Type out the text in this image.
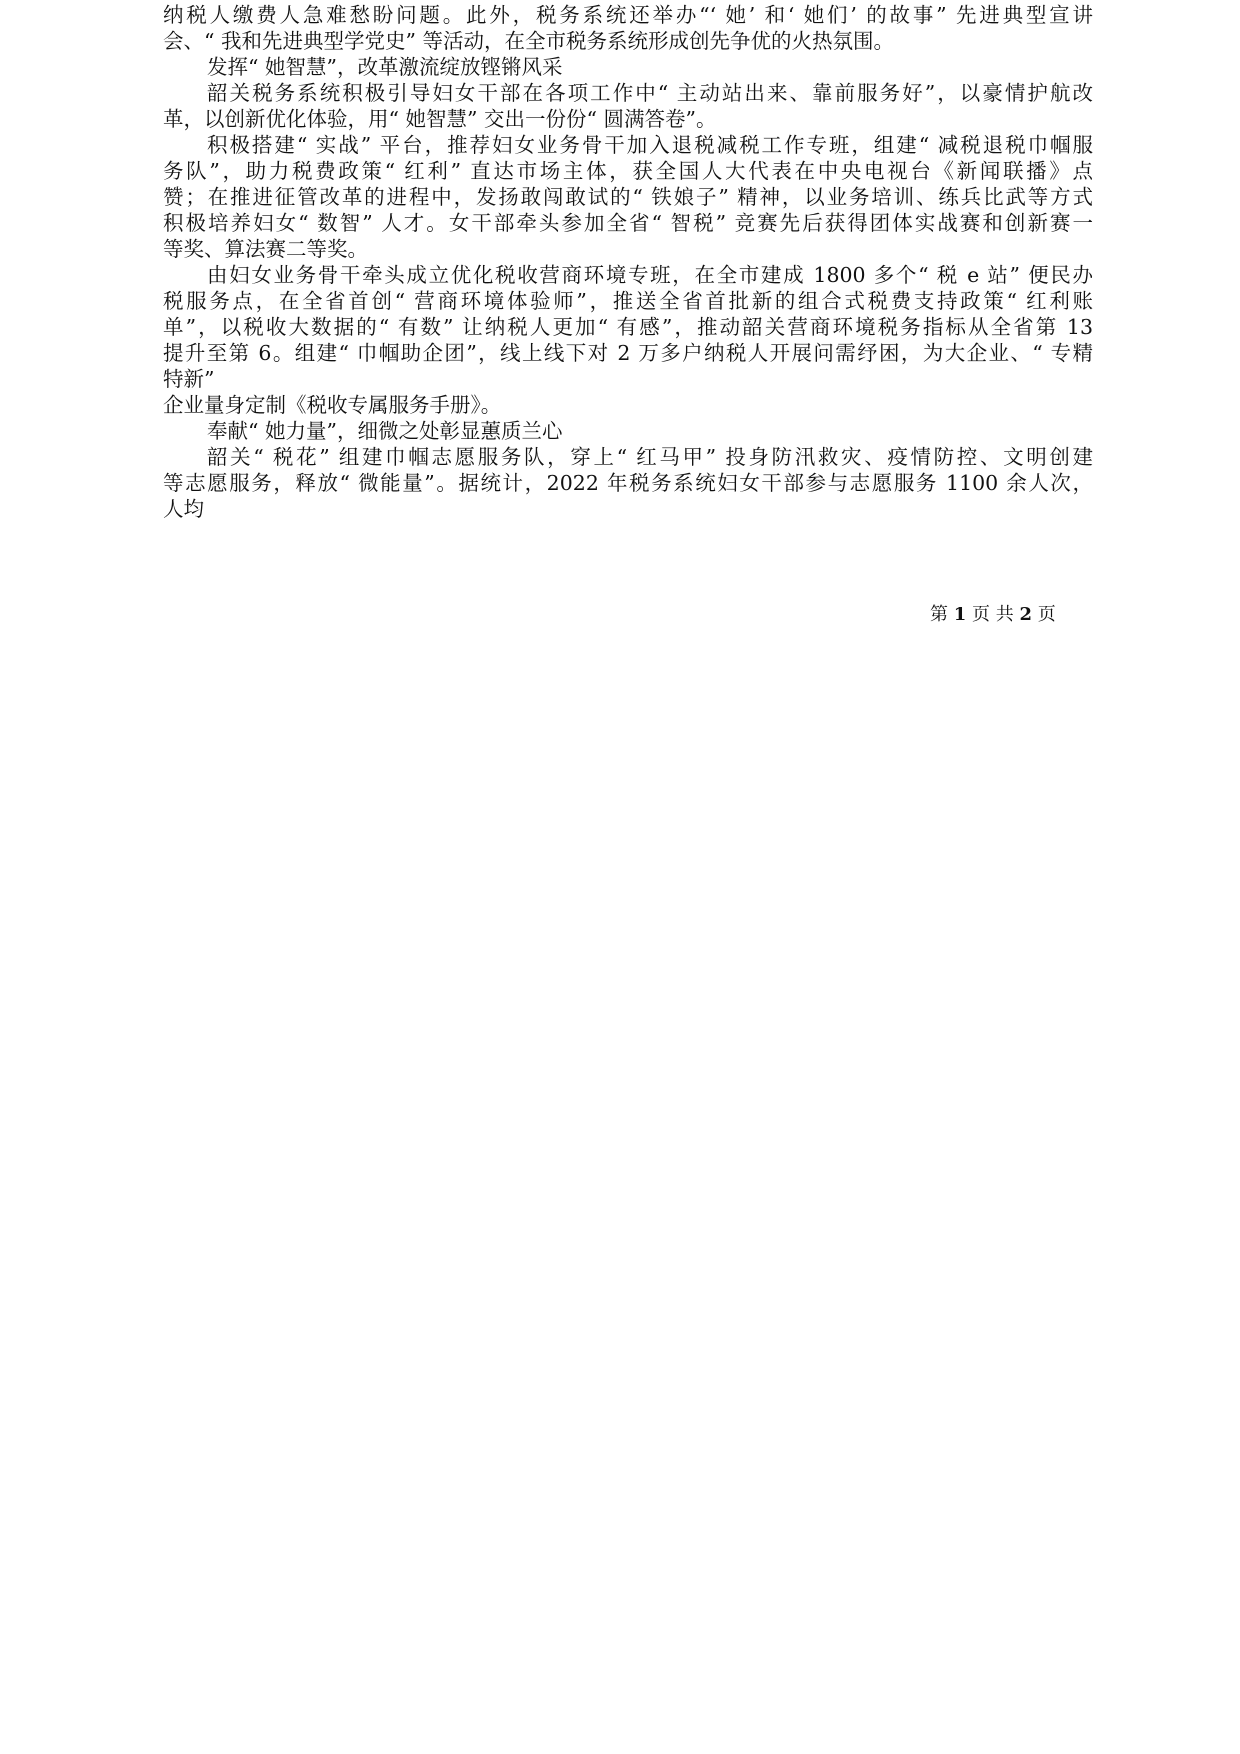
纳税人缴费人急难愁盼问题。此外，税务系统还举办“‘ 她’ 和‘ 她们’ 的故事” 先进典型宣讲
会、“ 我和先进典型学党史” 等活动，在全市税务系统形成创先争优的火热氛围。
发挥“ 她智慧”，改革激流绽放铿锵风采
韶关税务系统积极引导妇女干部在各项工作中“ 主动站出来、靠前服务好”，以豪情护航改
革，以创新优化体验，用“ 她智慧” 交出一份份“ 圆满答卷”。
积极搭建“ 实战” 平台，推荐妇女业务骨干加入退税减税工作专班，组建“ 减税退税巾帼服
务队”，助力税费政策“ 红利” 直达市场主体，获全国人大代表在中央电视台《新闻联播》点
赞；在推进征管改革的进程中，发扬敢闯敢试的“ 铁娘子” 精神，以业务培训、练兵比武等方式
积极培养妇女“ 数智” 人才。女干部牵头参加全省“ 智税” 竞赛先后获得团体实战赛和创新赛一
等奖、算法赛二等奖。
由妇女业务骨干牵头成立优化税收营商环境专班，在全市建成 1800 多个“ 税 e 站” 便民办
税服务点，在全省首创“ 营商环境体验师”，推送全省首批新的组合式税费支持政策“ 红利账
单”，以税收大数据的“ 有数” 让纳税人更加“ 有感”，推动韶关营商环境税务指标从全省第 13
提升至第 6。组建“ 巾帼助企团”，线上线下对 2 万多户纳税人开展问需纾困，为大企业、“ 专精
特新”
企业量身定制《税收专属服务手册》。
奉献“ 她力量”，细微之处彰显蕙质兰心
韶关“ 税花” 组建巾帼志愿服务队，穿上“ 红马甲” 投身防汛救灾、疫情防控、文明创建
等志愿服务，释放“ 微能量”。据统计，2022 年税务系统妇女干部参与志愿服务 1100 余人次，
人均
第 1 页 共 2 页
